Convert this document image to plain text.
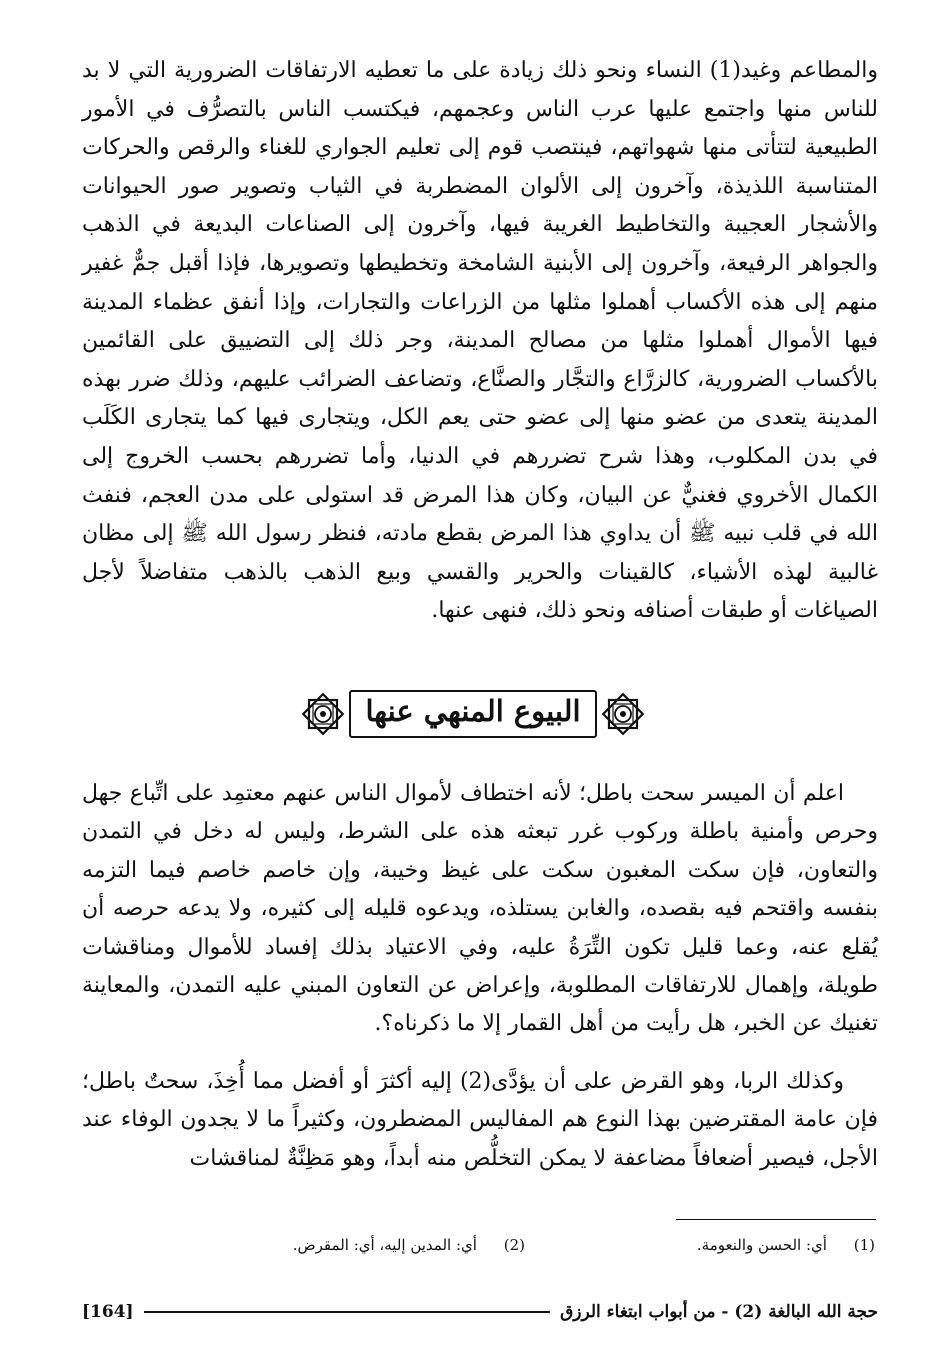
والمطاعم وغيد(1) النساء ونحو ذلك زيادة على ما تعطيه الارتفاقات الضرورية التي لا بد للناس منها واجتمع عليها عرب الناس وعجمهم، فيكتسب الناس بالتصرُّف في الأمور الطبيعية لتتأتى منها شهواتهم، فينتصب قوم إلى تعليم الجواري للغناء والرقص والحركات المتناسبة اللذيذة، وآخرون إلى الألوان المضطربة في الثياب وتصوير صور الحيوانات والأشجار العجيبة والتخاطيط الغريبة فيها، وآخرون إلى الصناعات البديعة في الذهب والجواهر الرفيعة، وآخرون إلى الأبنية الشامخة وتخطيطها وتصويرها، فإذا أقبل جمٌّ غفير منهم إلى هذه الأكساب أهملوا مثلها من الزراعات والتجارات، وإذا أنفق عظماء المدينة فيها الأموال أهملوا مثلها من مصالح المدينة، وجر ذلك إلى التضييق على القائمين بالأكساب الضرورية، كالزرَّاع والتجَّار والصنَّاع، وتضاعف الضرائب عليهم، وذلك ضرر بهذه المدينة يتعدى من عضو منها إلى عضو حتى يعم الكل، ويتجارى فيها كما يتجارى الكَلَب في بدن المكلوب، وهذا شرح تضررهم في الدنيا، وأما تضررهم بحسب الخروج إلى الكمال الأخروي فغنيٌّ عن البيان، وكان هذا المرض قد استولى على مدن العجم، فنفث الله في قلب نبيه ﷺ أن يداوي هذا المرض بقطع مادته، فنظر رسول الله ﷺ إلى مظان غالبية لهذه الأشياء، كالقينات والحرير والقسي وبيع الذهب بالذهب متفاضلاً لأجل الصياغات أو طبقات أصنافه ونحو ذلك، فنهى عنها.

البيوع المنهي عنها

اعلم أن الميسر سحت باطل؛ لأنه اختطاف لأموال الناس عنهم معتمِد على اتِّباع جهل وحرص وأمنية باطلة وركوب غرر تبعثه هذه على الشرط، وليس له دخل في التمدن والتعاون، فإن سكت المغبون سكت على غيظ وخيبة، وإن خاصم خاصم فيما التزمه بنفسه واقتحم فيه بقصده، والغابن يستلذه، ويدعوه قليله إلى كثيره، ولا يدعه حرصه أن يُقلع عنه، وعما قليل تكون التِّرَةُ عليه، وفي الاعتياد بذلك إفساد للأموال ومناقشات طويلة، وإهمال للارتفاقات المطلوبة، وإعراض عن التعاون المبني عليه التمدن، والمعاينة تغنيك عن الخبر، هل رأيت من أهل القمار إلا ما ذكرناه؟.

وكذلك الربا، وهو القرض على أن يؤدَّى(2) إليه أكثرَ أو أفضل مما أُخِذَ، سحتٌ باطل؛ فإن عامة المقترضين بهذا النوع هم المفاليس المضطرون، وكثيراً ما لا يجدون الوفاء عند الأجل، فيصير أضعافاً مضاعفة لا يمكن التخلُّص منه أبداً، وهو مَظِنَّةٌ لمناقشات

(1) أي: الحسن والنعومة.
(2) أي: المدين إليه، أي: المقرض.
حجة الله البالغة (2) - من أبواب ابتغاء الرزق
[164]
